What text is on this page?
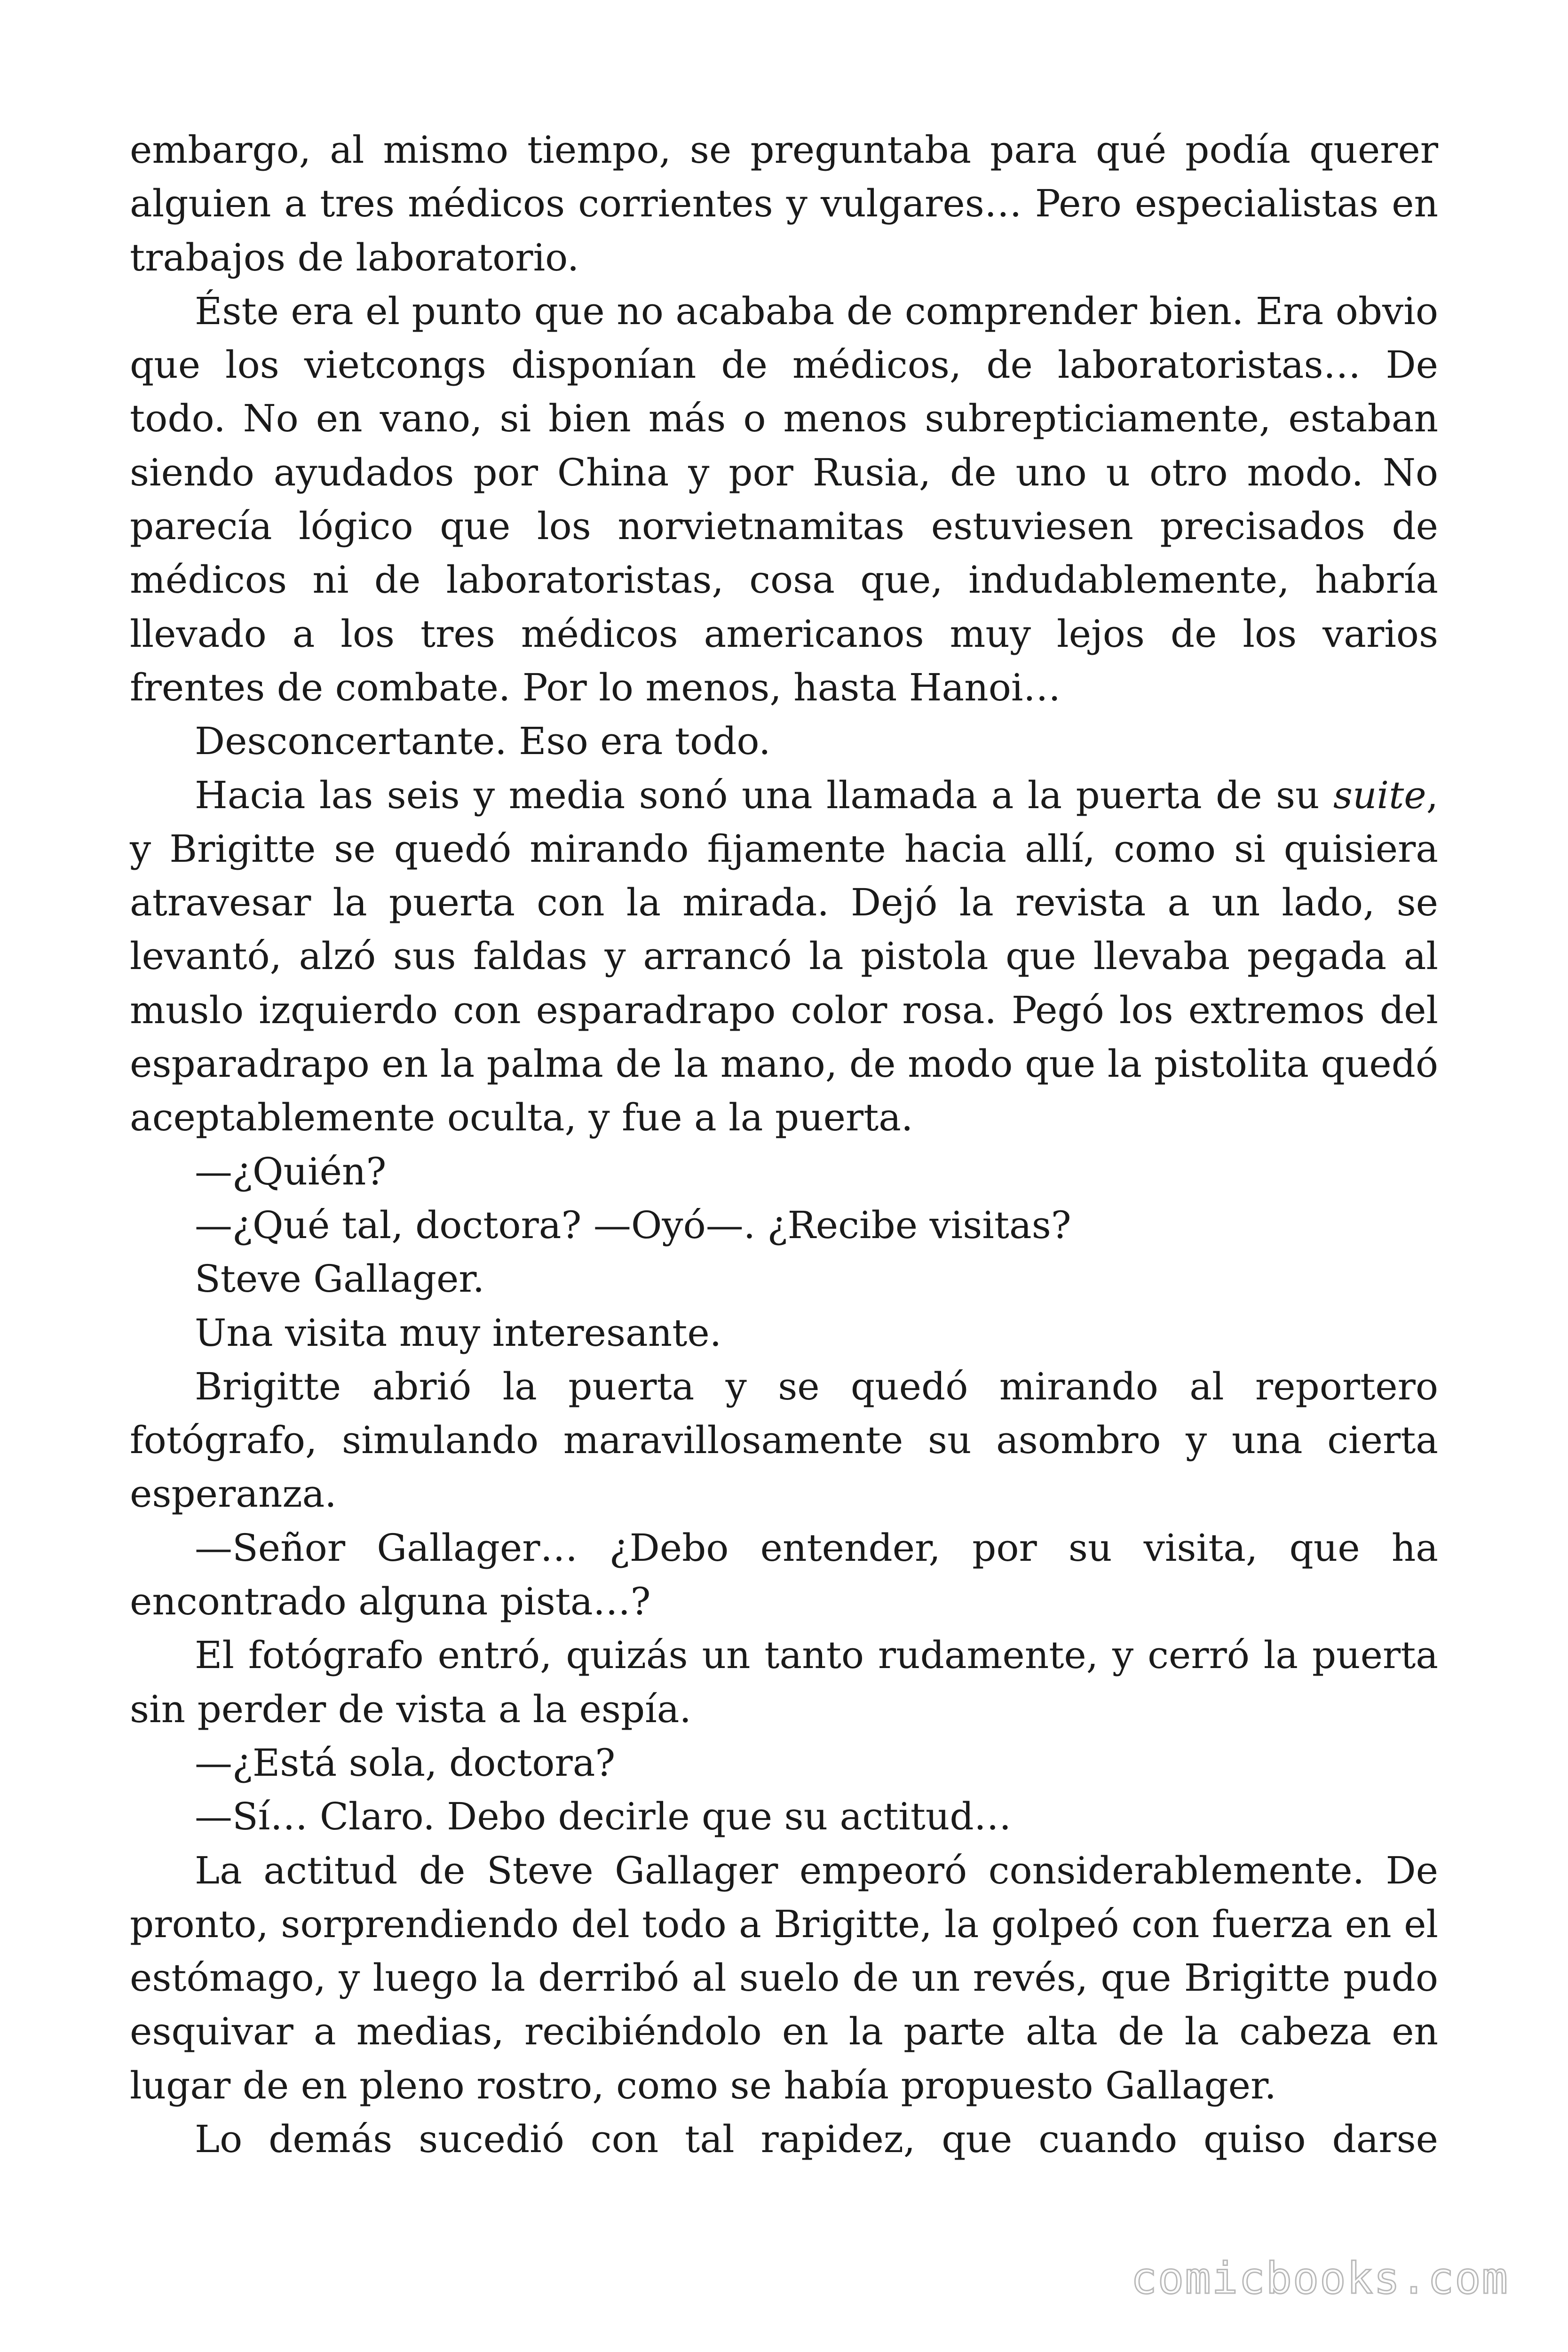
embargo, al mismo tiempo, se preguntaba para qué podía querer alguien a tres médicos corrientes y vulgares… Pero especialistas en trabajos de laboratorio.

Éste era el punto que no acababa de comprender bien. Era obvio que los vietcongs disponían de médicos, de laboratoristas… De todo. No en vano, si bien más o menos subrepticiamente, estaban siendo ayudados por China y por Rusia, de uno u otro modo. No parecía lógico que los norvietnamitas estuviesen precisados de médicos ni de laboratoristas, cosa que, indudablemente, habría llevado a los tres médicos americanos muy lejos de los varios frentes de combate. Por lo menos, hasta Hanoi…

Desconcertante. Eso era todo.

Hacia las seis y media sonó una llamada a la puerta de su suite, y Brigitte se quedó mirando fijamente hacia allí, como si quisiera atravesar la puerta con la mirada. Dejó la revista a un lado, se levantó, alzó sus faldas y arrancó la pistola que llevaba pegada al muslo izquierdo con esparadrapo color rosa. Pegó los extremos del esparadrapo en la palma de la mano, de modo que la pistolita quedó aceptablemente oculta, y fue a la puerta.

—¿Quién?

—¿Qué tal, doctora? —Oyó—. ¿Recibe visitas?

Steve Gallager.

Una visita muy interesante.

Brigitte abrió la puerta y se quedó mirando al reportero fotógrafo, simulando maravillosamente su asombro y una cierta esperanza.

—Señor Gallager… ¿Debo entender, por su visita, que ha encontrado alguna pista…?

El fotógrafo entró, quizás un tanto rudamente, y cerró la puerta sin perder de vista a la espía.

—¿Está sola, doctora?

—Sí… Claro. Debo decirle que su actitud…

La actitud de Steve Gallager empeoró considerablemente. De pronto, sorprendiendo del todo a Brigitte, la golpeó con fuerza en el estómago, y luego la derribó al suelo de un revés, que Brigitte pudo esquivar a medias, recibiéndolo en la parte alta de la cabeza en lugar de en pleno rostro, como se había propuesto Gallager.

Lo demás sucedió con tal rapidez, que cuando quiso darse

comicbooks.com
